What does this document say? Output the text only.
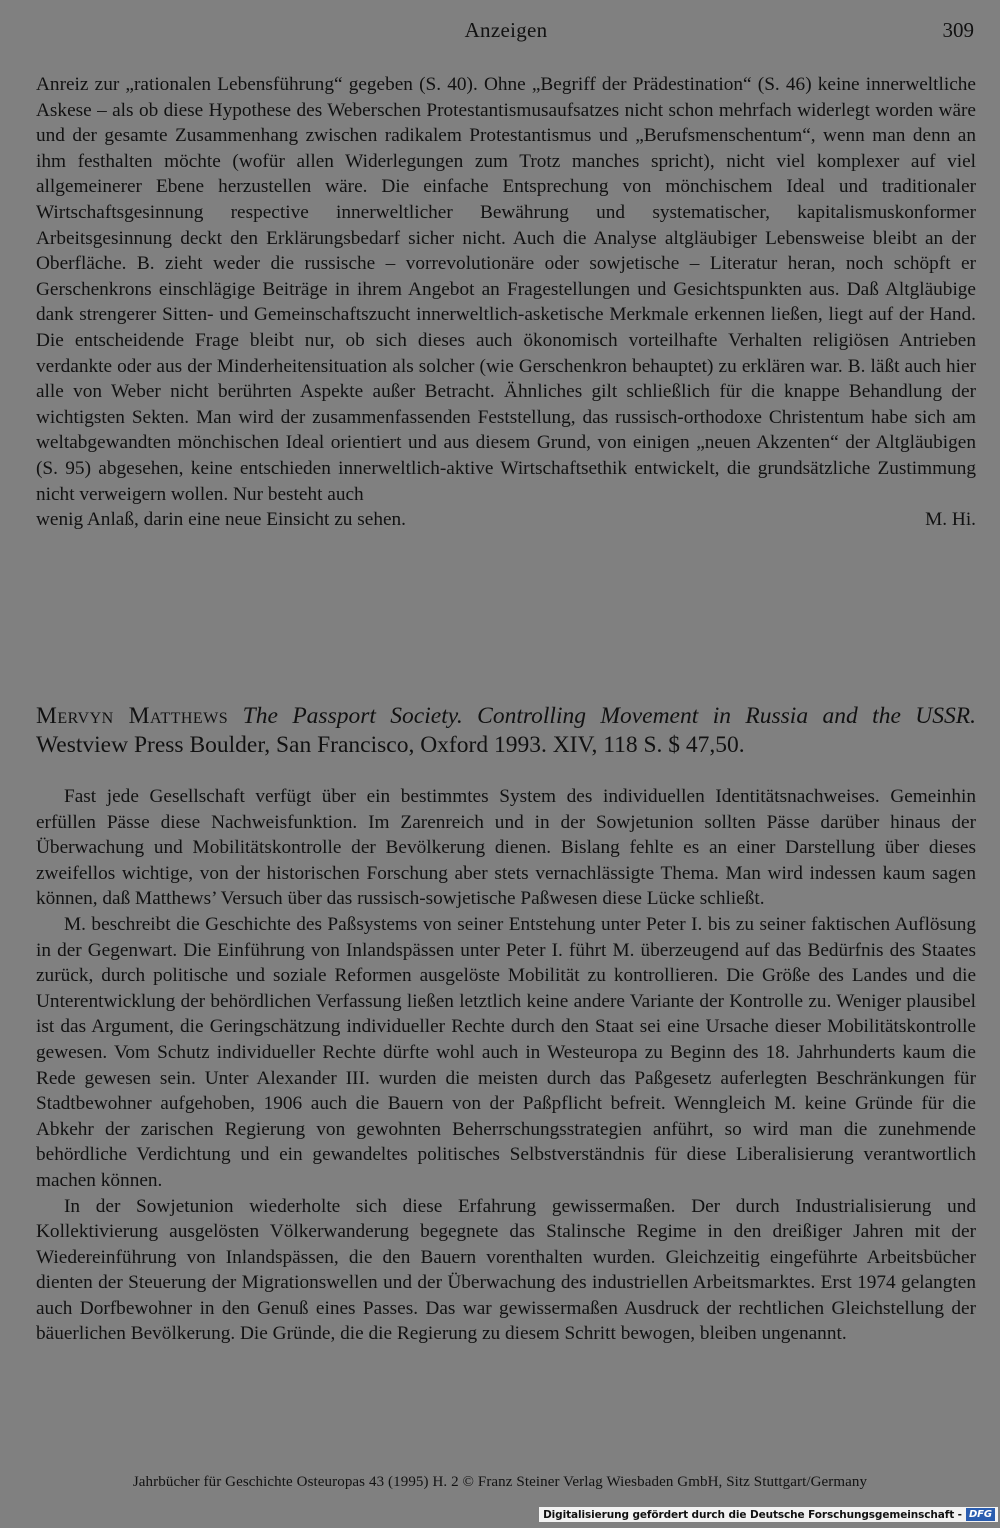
Anzeigen	309

Anreiz zur „rationalen Lebensführung“ gegeben (S. 40). Ohne „Begriff der Prädestination“ (S. 46) keine innerweltliche Askese – als ob diese Hypothese des Weberschen Protestantismusaufsatzes nicht schon mehrfach widerlegt worden wäre und der gesamte Zusammenhang zwischen radikalem Protestantismus und „Berufsmenschentum“, wenn man denn an ihm festhalten möchte (wofür allen Widerlegungen zum Trotz manches spricht), nicht viel komplexer auf viel allgemeinerer Ebene herzustellen wäre. Die einfache Entsprechung von mönchischem Ideal und traditionaler Wirtschaftsgesinnung respective innerweltlicher Bewährung und systematischer, kapitalismuskonformer Arbeitsgesinnung deckt den Erklärungsbedarf sicher nicht. Auch die Analyse altgläubiger Lebensweise bleibt an der Oberfläche. B. zieht weder die russische – vorrevolutionäre oder sowjetische – Literatur heran, noch schöpft er Gerschenkrons einschlägige Beiträge in ihrem Angebot an Fragestellungen und Gesichtspunkten aus. Daß Altgläubige dank strengerer Sitten- und Gemeinschaftszucht innerweltlich-asketische Merkmale erkennen ließen, liegt auf der Hand. Die entscheidende Frage bleibt nur, ob sich dieses auch ökonomisch vorteilhafte Verhalten religiösen Antrieben verdankte oder aus der Minderheitensituation als solcher (wie Gerschenkron behauptet) zu erklären war. B. läßt auch hier alle von Weber nicht berührten Aspekte außer Betracht. Ähnliches gilt schließlich für die knappe Behandlung der wichtigsten Sekten. Man wird der zusammenfassenden Feststellung, das russisch-orthodoxe Christentum habe sich am weltabgewandten mönchischen Ideal orientiert und aus diesem Grund, von einigen „neuen Akzenten“ der Altgläubigen (S. 95) abgesehen, keine entschieden innerweltlich-aktive Wirtschaftsethik entwickelt, die grundsätzliche Zustimmung nicht verweigern wollen. Nur besteht auch

wenig Anlaß, darin eine neue Einsicht zu sehen.	M. Hi.
Mervyn Matthews The Passport Society. Controlling Movement in Russia and the USSR. Westview Press Boulder, San Francisco, Oxford 1993. XIV, 118 S. $ 47,50.

Fast jede Gesellschaft verfügt über ein bestimmtes System des individuellen Identitätsnachweises. Gemeinhin erfüllen Pässe diese Nachweisfunktion. Im Zarenreich und in der Sowjetunion sollten Pässe darüber hinaus der Überwachung und Mobilitätskontrolle der Bevölkerung dienen. Bislang fehlte es an einer Darstellung über dieses zweifellos wichtige, von der historischen Forschung aber stets vernachlässigte Thema. Man wird indessen kaum sagen können, daß Matthews’ Versuch über das russisch-sowjetische Paßwesen diese Lücke schließt.

M. beschreibt die Geschichte des Paßsystems von seiner Entstehung unter Peter I. bis zu seiner faktischen Auflösung in der Gegenwart. Die Einführung von Inlandspässen unter Peter I. führt M. überzeugend auf das Bedürfnis des Staates zurück, durch politische und soziale Reformen ausgelöste Mobilität zu kontrollieren. Die Größe des Landes und die Unterentwicklung der behördlichen Verfassung ließen letztlich keine andere Variante der Kontrolle zu. Weniger plausibel ist das Argument, die Geringschätzung individueller Rechte durch den Staat sei eine Ursache dieser Mobilitätskontrolle gewesen. Vom Schutz individueller Rechte dürfte wohl auch in Westeuropa zu Beginn des 18. Jahrhunderts kaum die Rede gewesen sein. Unter Alexander III. wurden die meisten durch das Paßgesetz auferlegten Beschränkungen für Stadtbewohner aufgehoben, 1906 auch die Bauern von der Paßpflicht befreit. Wenngleich M. keine Gründe für die Abkehr der zarischen Regierung von gewohnten Beherrschungsstrategien anführt, so wird man die zunehmende behördliche Verdichtung und ein gewandeltes politisches Selbstverständnis für diese Liberalisierung verantwortlich machen können.

In der Sowjetunion wiederholte sich diese Erfahrung gewissermaßen. Der durch Industrialisierung und Kollektivierung ausgelösten Völkerwanderung begegnete das Stalinsche Regime in den dreißiger Jahren mit der Wiedereinführung von Inlandspässen, die den Bauern vorenthalten wurden. Gleichzeitig eingeführte Arbeitsbücher dienten der Steuerung der Migrationswellen und der Überwachung des industriellen Arbeitsmarktes. Erst 1974 gelangten auch Dorfbewohner in den Genuß eines Passes. Das war gewissermaßen Ausdruck der rechtlichen Gleichstellung der bäuerlichen Bevölkerung. Die Gründe, die die Regierung zu diesem Schritt bewogen, bleiben ungenannt.

Jahrbücher für Geschichte Osteuropas 43 (1995) H. 2 © Franz Steiner Verlag Wiesbaden GmbH, Sitz Stuttgart/Germany
Digitalisierung gefördert durch die Deutsche Forschungsgemeinschaft - DFG
